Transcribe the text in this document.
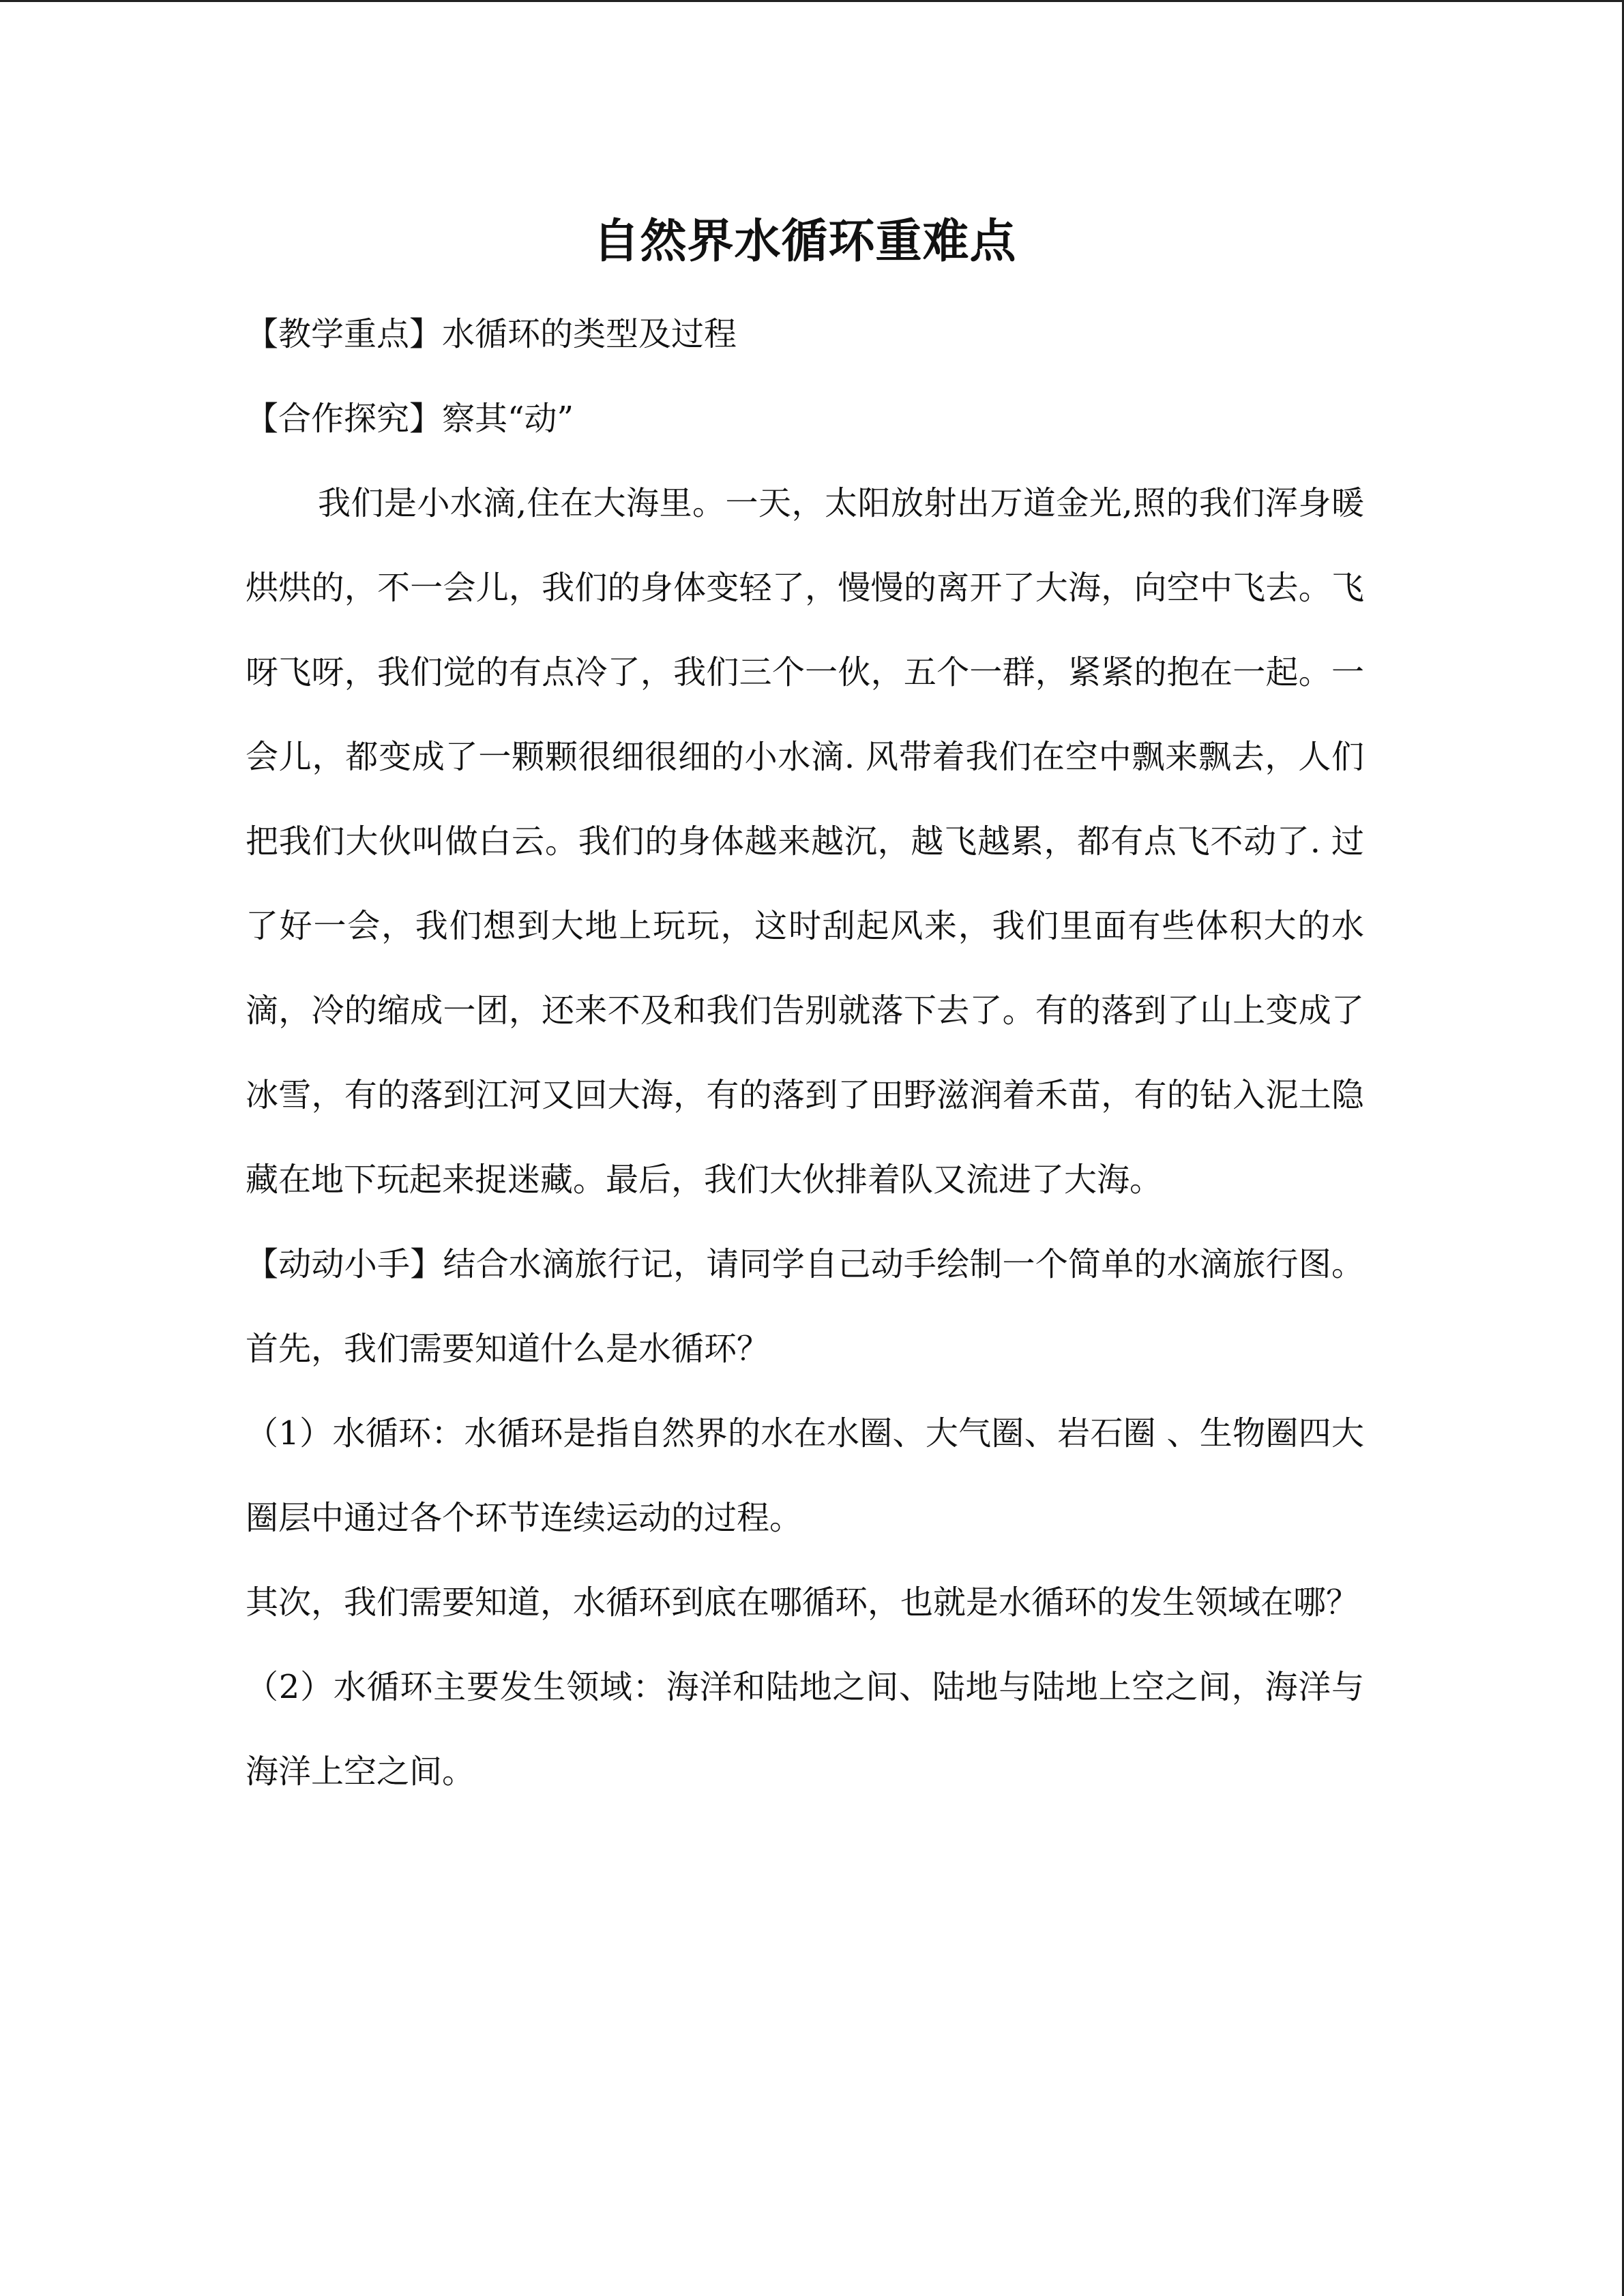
自然界水循环重难点

【教学重点】水循环的类型及过程

【合作探究】察其“动”

我们是小水滴,住在大海里。一天，太阳放射出万道金光,照的我们浑身暖烘烘的，不一会儿，我们的身体变轻了，慢慢的离开了大海，向空中飞去。飞呀飞呀，我们觉的有点冷了，我们三个一伙，五个一群，紧紧的抱在一起。一会儿，都变成了一颗颗很细很细的小水滴. 风带着我们在空中飘来飘去，人们把我们大伙叫做白云。我们的身体越来越沉，越飞越累，都有点飞不动了. 过了好一会，我们想到大地上玩玩，这时刮起风来，我们里面有些体积大的水滴，冷的缩成一团，还来不及和我们告别就落下去了。有的落到了山上变成了冰雪，有的落到江河又回大海，有的落到了田野滋润着禾苗，有的钻入泥土隐藏在地下玩起来捉迷藏。最后，我们大伙排着队又流进了大海。

【动动小手】结合水滴旅行记，请同学自己动手绘制一个简单的水滴旅行图。首先，我们需要知道什么是水循环？

（1）水循环：水循环是指自然界的水在水圈、大气圈、岩石圈 、生物圈四大圈层中通过各个环节连续运动的过程。

其次，我们需要知道，水循环到底在哪循环，也就是水循环的发生领域在哪？

（2）水循环主要发生领域：海洋和陆地之间、陆地与陆地上空之间，海洋与海洋上空之间。
